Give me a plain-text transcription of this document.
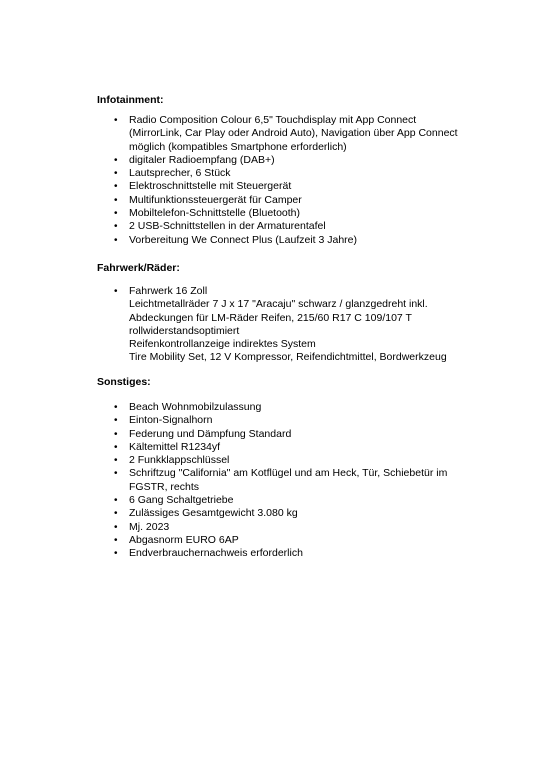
Infotainment:
• Radio Composition Colour 6,5" Touchdisplay mit App Connect
(MirrorLink, Car Play oder Android Auto), Navigation über App Connect
möglich (kompatibles Smartphone erforderlich)
• digitaler Radioempfang (DAB+)
• Lautsprecher, 6 Stück
• Elektroschnittstelle mit Steuergerät
• Multifunktionssteuergerät für Camper
• Mobiltelefon-Schnittstelle (Bluetooth)
• 2 USB-Schnittstellen in der Armaturentafel
• Vorbereitung We Connect Plus (Laufzeit 3 Jahre)
Fahrwerk/Räder:
• Fahrwerk 16 Zoll
Leichtmetallräder 7 J x 17 "Aracaju" schwarz / glanzgedreht inkl.
Abdeckungen für LM-Räder Reifen, 215/60 R17 C 109/107 T
rollwiderstandsoptimiert
Reifenkontrollanzeige indirektes System
Tire Mobility Set, 12 V Kompressor, Reifendichtmittel, Bordwerkzeug
Sonstiges:
• Beach Wohnmobilzulassung
• Einton-Signalhorn
• Federung und Dämpfung Standard
• Kältemittel R1234yf
• 2 Funkklappschlüssel
• Schriftzug "California" am Kotflügel und am Heck, Tür, Schiebetür im
FGSTR, rechts
• 6 Gang Schaltgetriebe
• Zulässiges Gesamtgewicht 3.080 kg
• Mj. 2023
• Abgasnorm EURO 6AP
• Endverbrauchernachweis erforderlich
